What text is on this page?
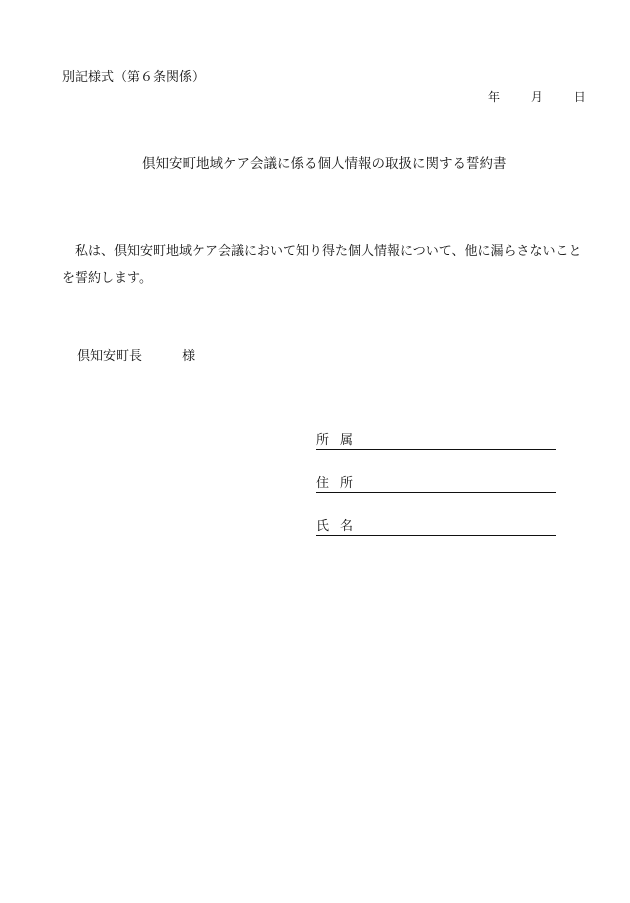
別記様式（第６条関係）
年	月	日
倶知安町地域ケア会議に係る個人情報の取扱に関する誓約書
私は、倶知安町地域ケア会議において知り得た個人情報について、他に漏らさないことを誓約します。
倶知安町長	様
所属
住所
氏名
